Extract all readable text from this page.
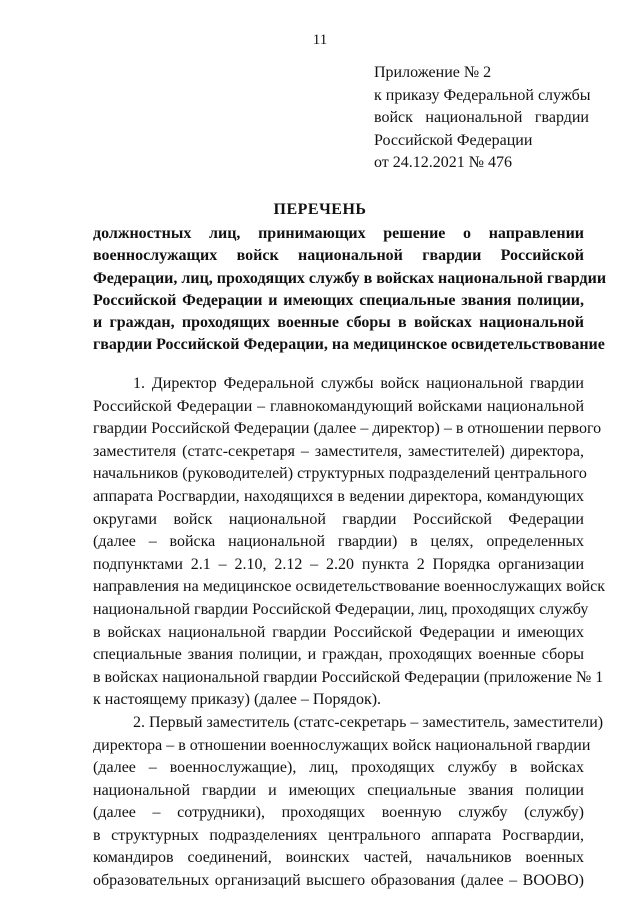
11
Приложение № 2
к приказу Федеральной службы
войск национальной гвардии
Российской Федерации
от 24.12.2021 № 476
ПЕРЕЧЕНЬ
должностных лиц, принимающих решение о направлении
военнослужащих войск национальной гвардии Российской
Федерации, лиц, проходящих службу в войсках национальной гвардии
Российской Федерации и имеющих специальные звания полиции,
и граждан, проходящих военные сборы в войсках национальной
гвардии Российской Федерации, на медицинское освидетельствование
1. Директор Федеральной службы войск национальной гвардии
Российской Федерации – главнокомандующий войсками национальной
гвардии Российской Федерации (далее – директор) – в отношении первого
заместителя (статс-секретаря – заместителя, заместителей) директора,
начальников (руководителей) структурных подразделений центрального
аппарата Росгвардии, находящихся в ведении директора, командующих
округами войск национальной гвардии Российской Федерации
(далее – войска национальной гвардии) в целях, определенных
подпунктами 2.1 – 2.10, 2.12 – 2.20 пункта 2 Порядка организации
направления на медицинское освидетельствование военнослужащих войск
национальной гвардии Российской Федерации, лиц, проходящих службу
в войсках национальной гвардии Российской Федерации и имеющих
специальные звания полиции, и граждан, проходящих военные сборы
в войсках национальной гвардии Российской Федерации (приложение № 1
к настоящему приказу) (далее – Порядок).
2. Первый заместитель (статс-секретарь – заместитель, заместители)
директора – в отношении военнослужащих войск национальной гвардии
(далее – военнослужащие), лиц, проходящих службу в войсках
национальной гвардии и имеющих специальные звания полиции
(далее – сотрудники), проходящих военную службу (службу)
в структурных подразделениях центрального аппарата Росгвардии,
командиров соединений, воинских частей, начальников военных
образовательных организаций высшего образования (далее – ВООВО)
